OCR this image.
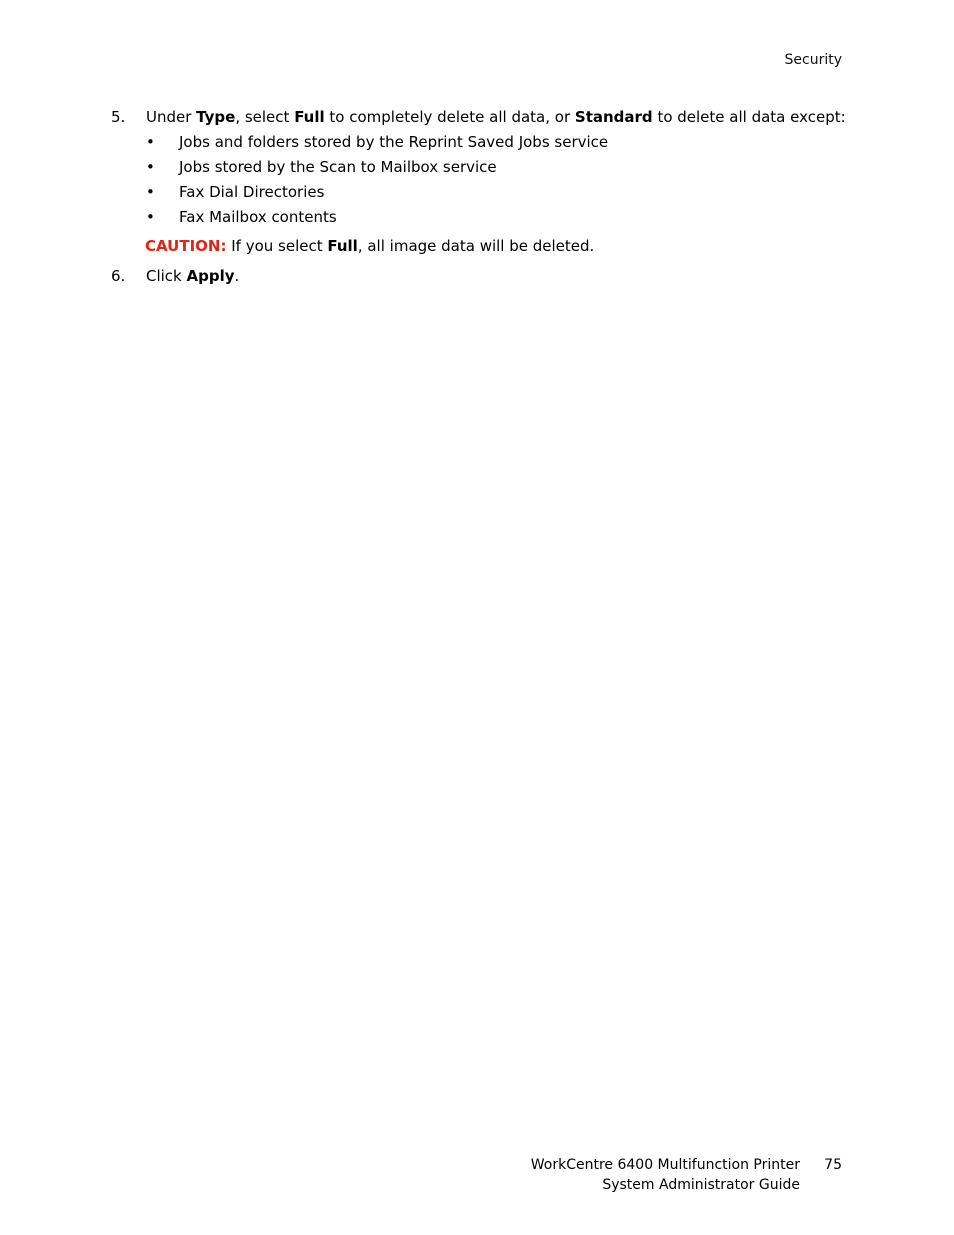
Security
5.	Under Type, select Full to completely delete all data, or Standard to delete all data except:
• Jobs and folders stored by the Reprint Saved Jobs service
• Jobs stored by the Scan to Mailbox service
• Fax Dial Directories
• Fax Mailbox contents
CAUTION: If you select Full, all image data will be deleted.
6.	Click Apply.
WorkCentre 6400 Multifunction Printer
System Administrator Guide
75
